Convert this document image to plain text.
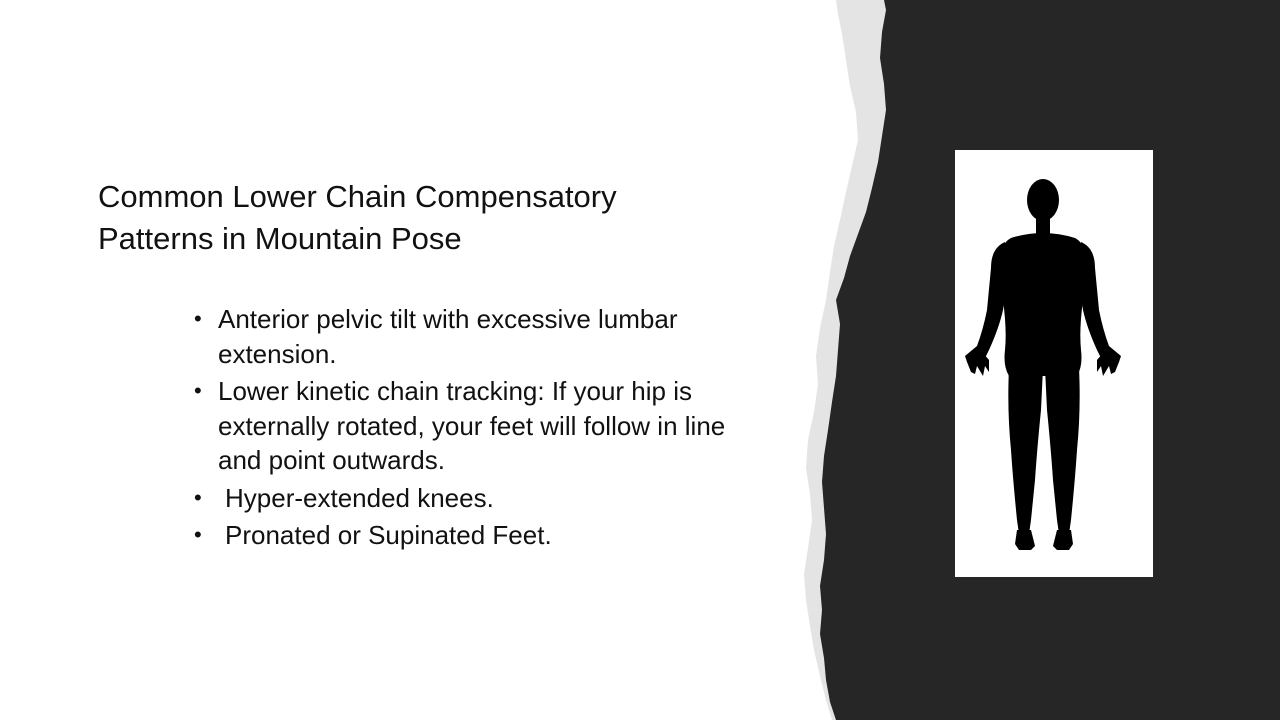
Common Lower Chain Compensatory Patterns in Mountain Pose
• Anterior pelvic tilt with excessive lumbar extension.
• Lower kinetic chain tracking: If your hip is externally rotated, your feet will follow in line and point outwards.
• Hyper-extended knees.
• Pronated or Supinated Feet.
